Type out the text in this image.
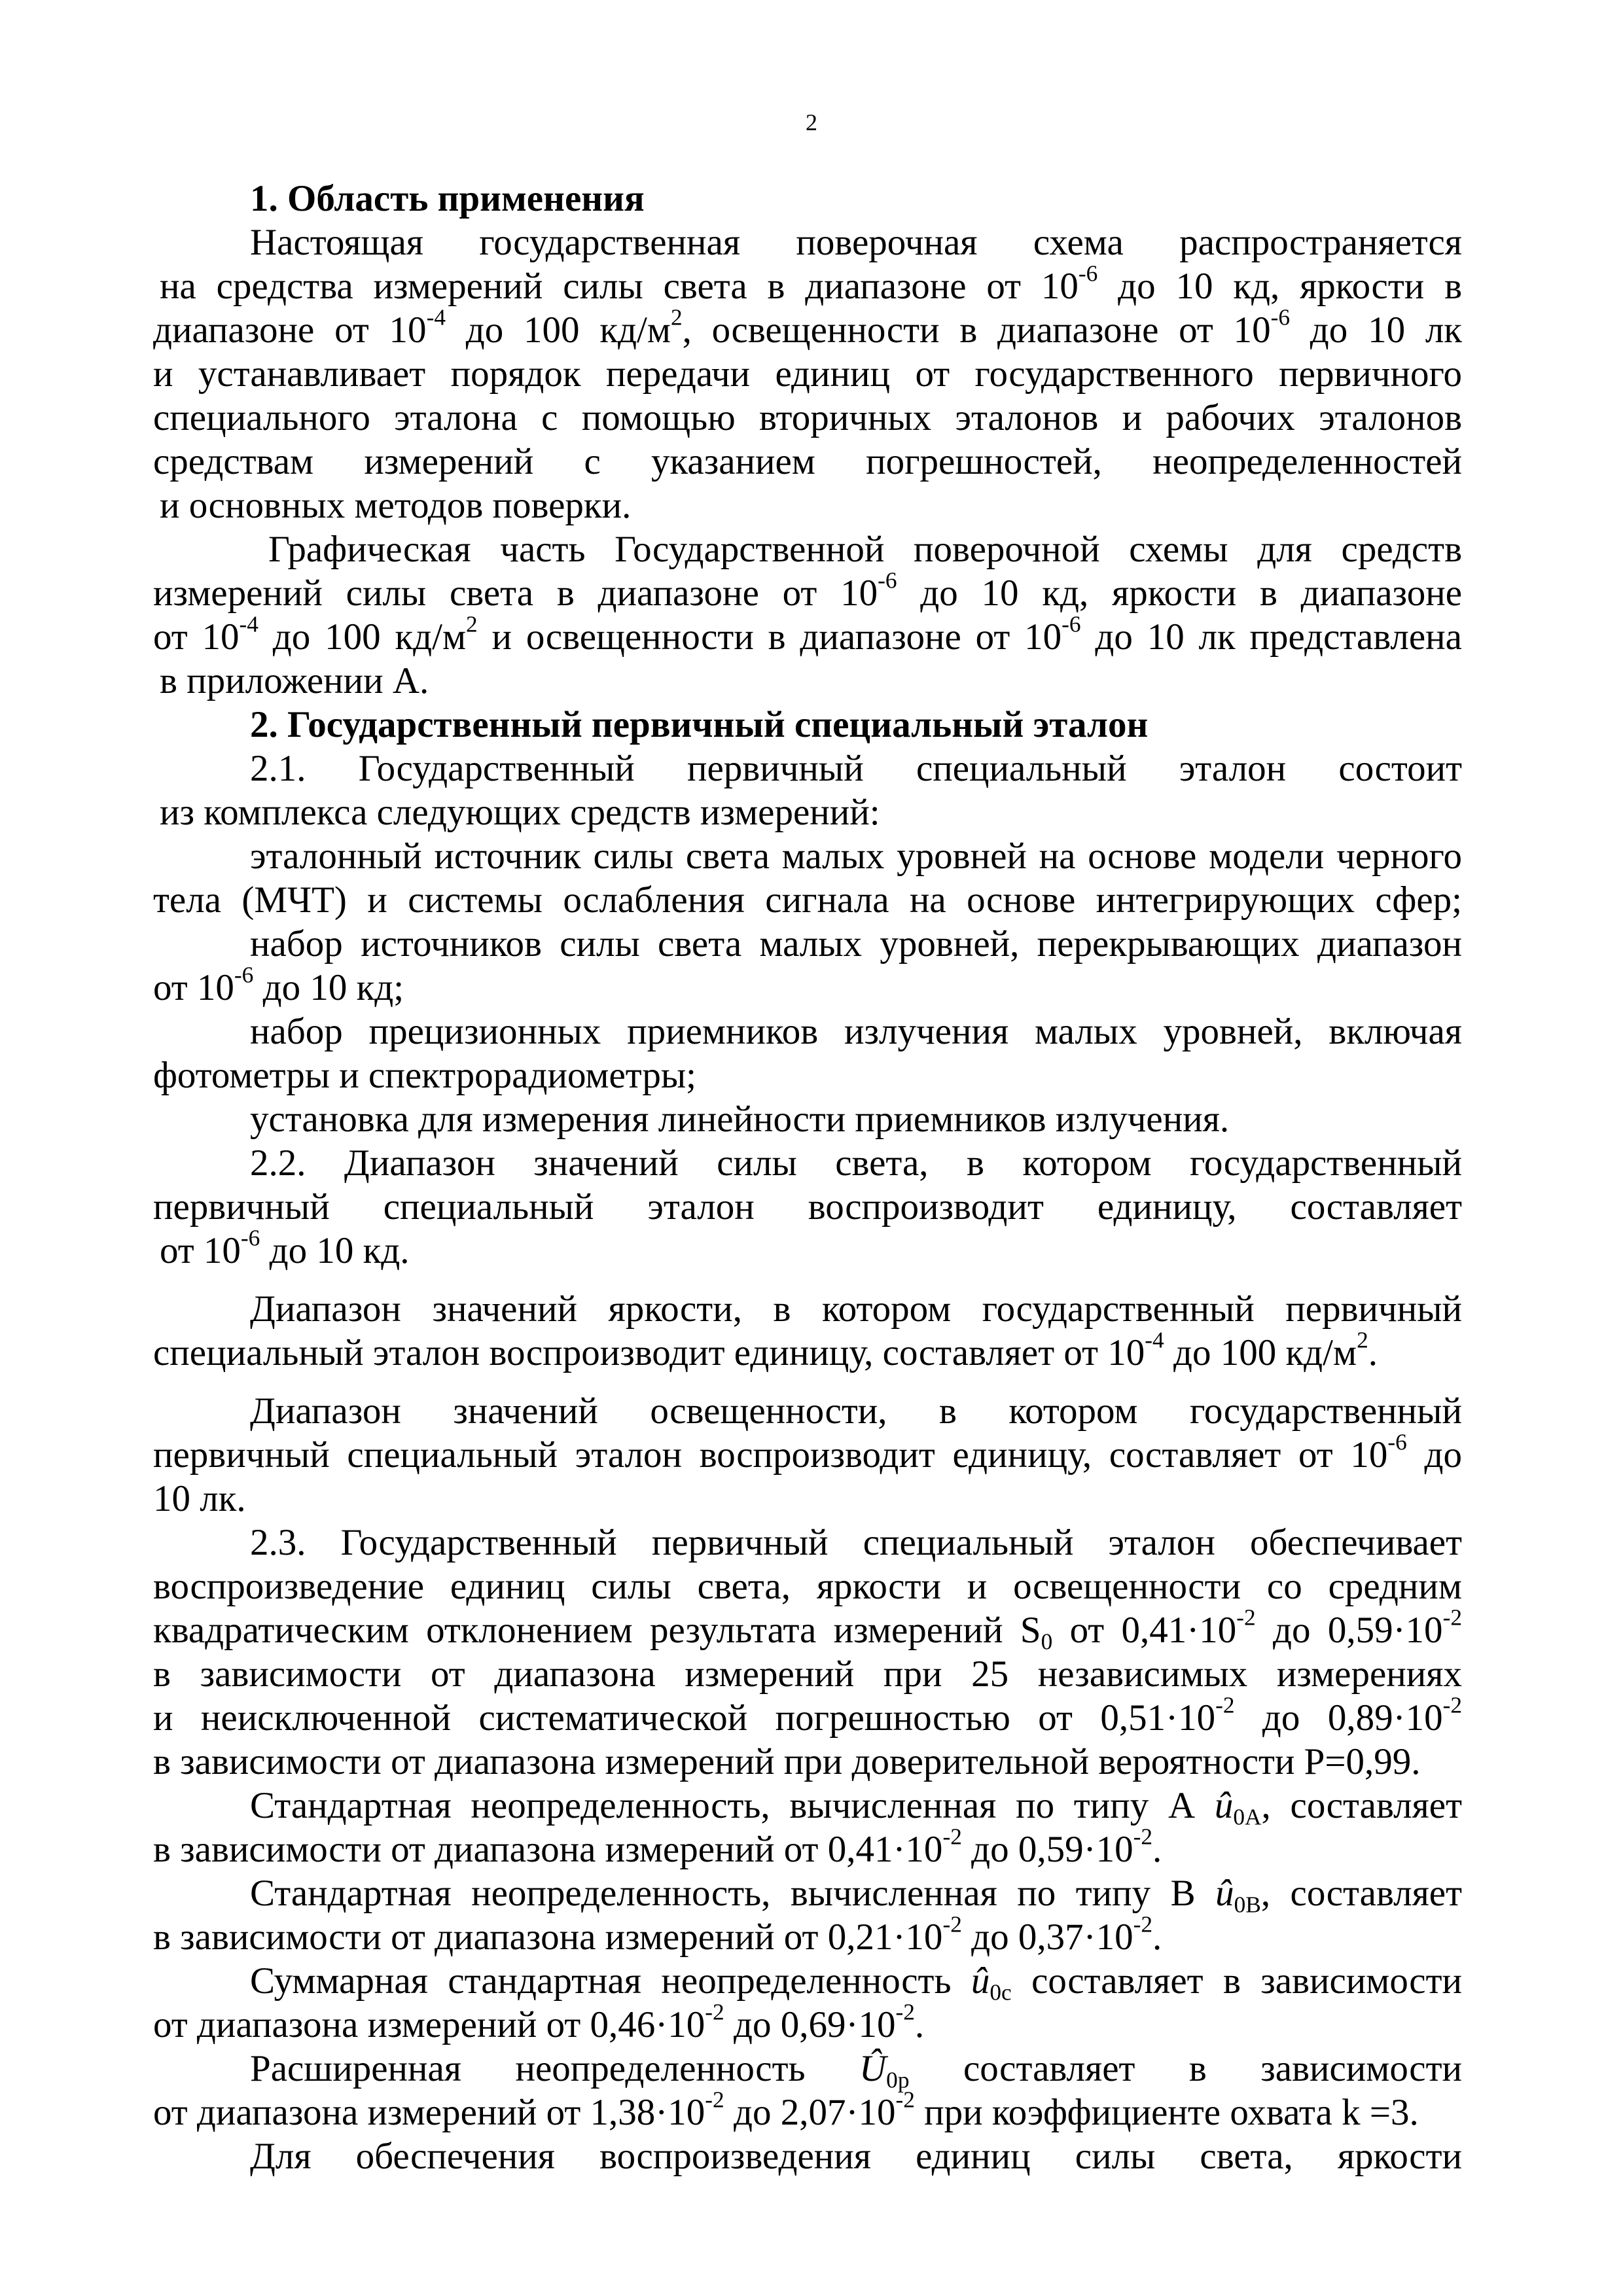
2
1. Область применения
Настоящая государственная поверочная схема распространяется
на средства измерений силы света в диапазоне от $10^{-6}$ до 10 кд, яркости в
диапазоне от $10^{-4}$ до 100 $кд/м^2$, освещенности в диапазоне от $10^{-6}$ до 10 лк
и устанавливает порядок передачи единиц от государственного первичного
специального эталона с помощью вторичных эталонов и рабочих эталонов
средствам измерений с указанием погрешностей, неопределенностей
и основных методов поверки.
Графическая часть Государственной поверочной схемы для средств
измерений силы света в диапазоне от $10^{-6}$ до 10 кд, яркости в диапазоне
от $10^{-4}$ до 100 $кд/м^2$ и освещенности в диапазоне от $10^{-6}$ до 10 лк представлена
в приложении А.
2. Государственный первичный специальный эталон
2.1. Государственный первичный специальный эталон состоит
из комплекса следующих средств измерений:
эталонный источник силы света малых уровней на основе модели черного
тела (МЧТ) и системы ослабления сигнала на основе интегрирующих сфер;
набор источников силы света малых уровней, перекрывающих диапазон
от $10^{-6}$ до 10 кд;
набор прецизионных приемников излучения малых уровней, включая
фотометры и спектрорадиометры;
установка для измерения линейности приемников излучения.
2.2. Диапазон значений силы света, в котором государственный
первичный специальный эталон воспроизводит единицу, составляет
от $10^{-6}$ до 10 кд.
Диапазон значений яркости, в котором государственный первичный
специальный эталон воспроизводит единицу, составляет от $10^{-4}$ до 100 $кд/м^2$.
Диапазон значений освещенности, в котором государственный
первичный специальный эталон воспроизводит единицу, составляет от $10^{-6}$ до
10 лк.
2.3. Государственный первичный специальный эталон обеспечивает
воспроизведение единиц силы света, яркости и освещенности со средним
квадратическим отклонением результата измерений $S_0$ от $0,41\cdot 10^{-2}$ до $0,59\cdot 10^{-2}$
в зависимости от диапазона измерений при 25 независимых измерениях
и неисключенной систематической погрешностью от $0,51\cdot 10^{-2}$ до $0,89\cdot 10^{-2}$
в зависимости от диапазона измерений при доверительной вероятности P=0,99.
Стандартная неопределенность, вычисленная по типу А $û_{0A}$, составляет
в зависимости от диапазона измерений от $0,41\cdot 10^{-2}$ до $0,59\cdot 10^{-2}$.
Стандартная неопределенность, вычисленная по типу В $û_{0B}$, составляет
в зависимости от диапазона измерений от $0,21\cdot 10^{-2}$ до $0,37\cdot 10^{-2}$.
Суммарная стандартная неопределенность $û_{0c}$ составляет в зависимости
от диапазона измерений от $0,46\cdot 10^{-2}$ до $0,69\cdot 10^{-2}$.
Расширенная неопределенность $Û_{0p}$ составляет в зависимости
от диапазона измерений от $1,38\cdot 10^{-2}$ до $2,07\cdot 10^{-2}$ при коэффициенте охвата k =3.
Для обеспечения воспроизведения единиц силы света, яркости
